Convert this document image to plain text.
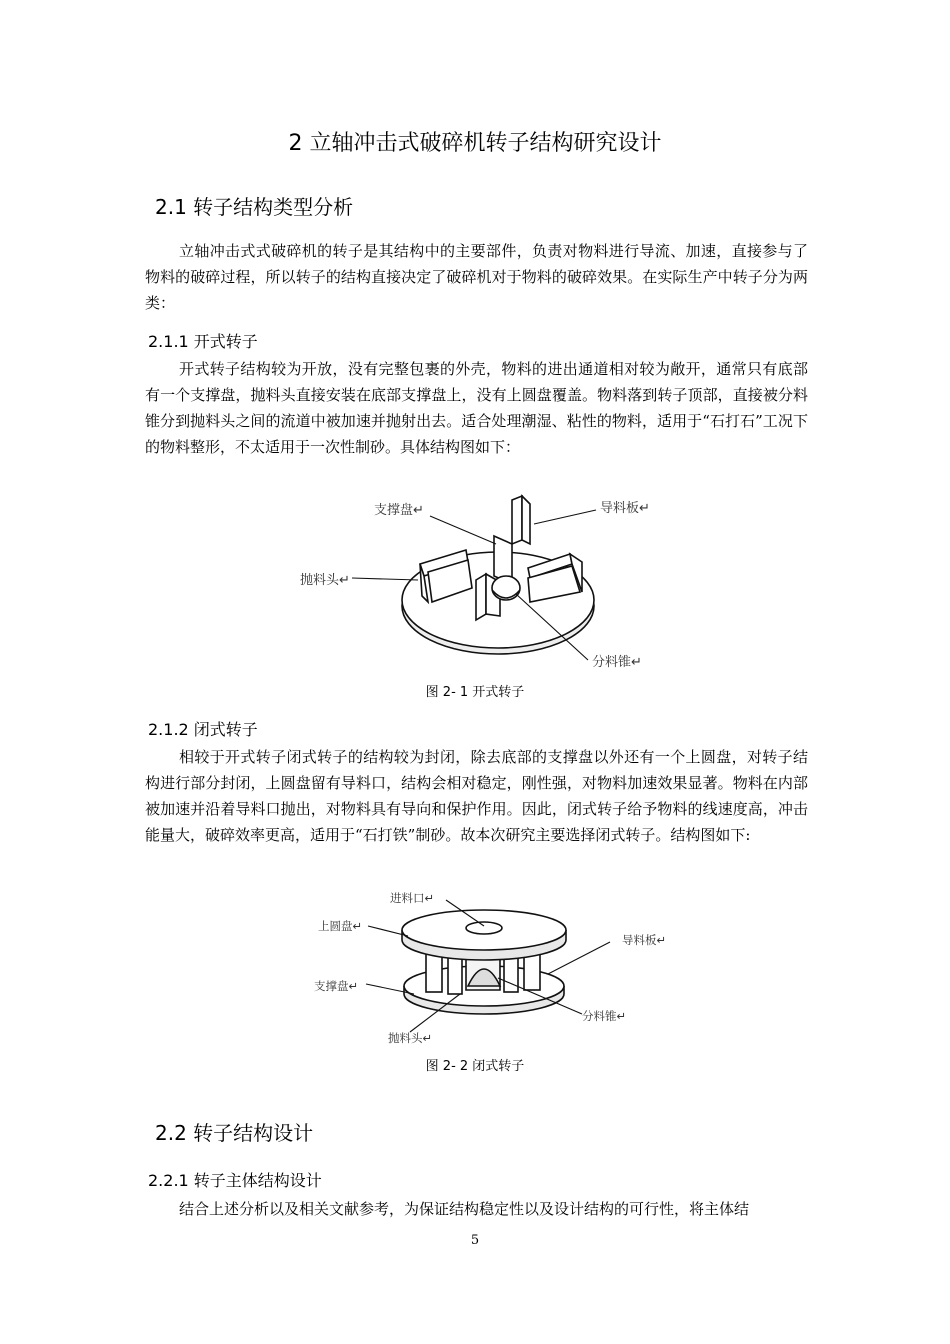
2 立轴冲击式破碎机转子结构研究设计
2.1 转子结构类型分析

立轴冲击式式破碎机的转子是其结构中的主要部件，负责对物料进行导流、加速，直接参与了物料的破碎过程，所以转子的结构直接决定了破碎机对于物料的破碎效果。在实际生产中转子分为两类：

2.1.1 开式转子

开式转子结构较为开放，没有完整包裹的外壳，物料的进出通道相对较为敞开，通常只有底部有一个支撑盘，抛料头直接安装在底部支撑盘上，没有上圆盘覆盖。物料落到转子顶部，直接被分料锥分到抛料头之间的流道中被加速并抛射出去。适合处理潮湿、粘性的物料，适用于“石打石”工况下的物料整形，不太适用于一次性制砂。具体结构图如下：

支撑盘↵	导料板↵
抛料头↵
分料锥↵
图 2- 1 开式转子
2.1.2 闭式转子

相较于开式转子闭式转子的结构较为封闭，除去底部的支撑盘以外还有一个上圆盘，对转子结构进行部分封闭，上圆盘留有导料口，结构会相对稳定，刚性强，对物料加速效果显著。物料在内部被加速并沿着导料口抛出，对物料具有导向和保护作用。因此，闭式转子给予物料的线速度高，冲击能量大，破碎效率更高，适用于“石打铁”制砂。故本次研究主要选择闭式转子。结构图如下:

进料口↵
上圆盘↵
导料板↵
支撑盘↵
分料锥↵
抛料头↵
图 2- 2 闭式转子
2.2 转子结构设计
2.2.1 转子主体结构设计

结合上述分析以及相关文献参考，为保证结构稳定性以及设计结构的可行性，将主体结

5
